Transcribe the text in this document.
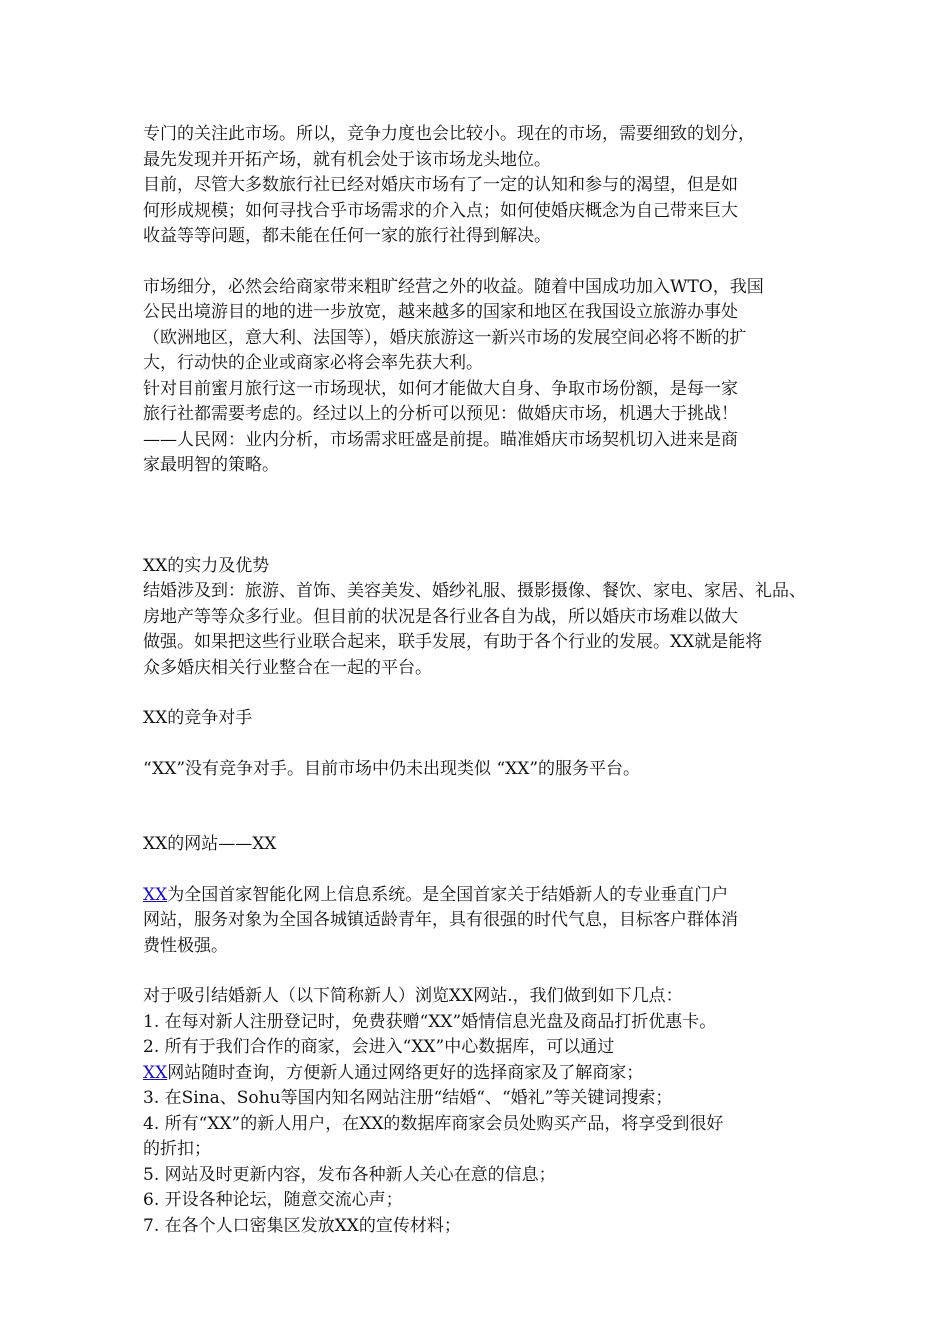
专门的关注此市场。所以，竞争力度也会比较小。现在的市场，需要细致的划分，
最先发现并开拓产场，就有机会处于该市场龙头地位。
目前，尽管大多数旅行社已经对婚庆市场有了一定的认知和参与的渴望，但是如
何形成规模；如何寻找合乎市场需求的介入点；如何使婚庆概念为自己带来巨大
收益等等问题，都未能在任何一家的旅行社得到解决。
市场细分，必然会给商家带来粗旷经营之外的收益。随着中国成功加入WTO，我国
公民出境游目的地的进一步放宽，越来越多的国家和地区在我国设立旅游办事处
（欧洲地区，意大利、法国等），婚庆旅游这一新兴市场的发展空间必将不断的扩
大，行动快的企业或商家必将会率先获大利。
针对目前蜜月旅行这一市场现状，如何才能做大自身、争取市场份额，是每一家
旅行社都需要考虑的。经过以上的分析可以预见：做婚庆市场，机遇大于挑战！
——人民网：业内分析，市场需求旺盛是前提。瞄准婚庆市场契机切入进来是商
家最明智的策略。
XX的实力及优势
结婚涉及到：旅游、首饰、美容美发、婚纱礼服、摄影摄像、餐饮、家电、家居、礼品、
房地产等等众多行业。但目前的状况是各行业各自为战，所以婚庆市场难以做大
做强。如果把这些行业联合起来，联手发展，有助于各个行业的发展。XX就是能将
众多婚庆相关行业整合在一起的平台。
XX的竞争对手
“XX”没有竞争对手。目前市场中仍未出现类似 “XX”的服务平台。
XX的网站——XX
XX为全国首家智能化网上信息系统。是全国首家关于结婚新人的专业垂直门户
网站，服务对象为全国各城镇适龄青年，具有很强的时代气息，目标客户群体消
费性极强。
对于吸引结婚新人（以下简称新人）浏览XX网站.，我们做到如下几点：
1. 在每对新人注册登记时，免费获赠“XX”婚情信息光盘及商品打折优惠卡。
2. 所有于我们合作的商家，会进入“XX”中心数据库，可以通过
XX网站随时查询，方便新人通过网络更好的选择商家及了解商家；
3. 在Sina、Sohu等国内知名网站注册“结婚“、“婚礼”等关键词搜索；
4. 所有“XX”的新人用户，在XX的数据库商家会员处购买产品，将享受到很好
的折扣；
5. 网站及时更新内容，发布各种新人关心在意的信息；
6. 开设各种论坛，随意交流心声；
7. 在各个人口密集区发放XX的宣传材料；
